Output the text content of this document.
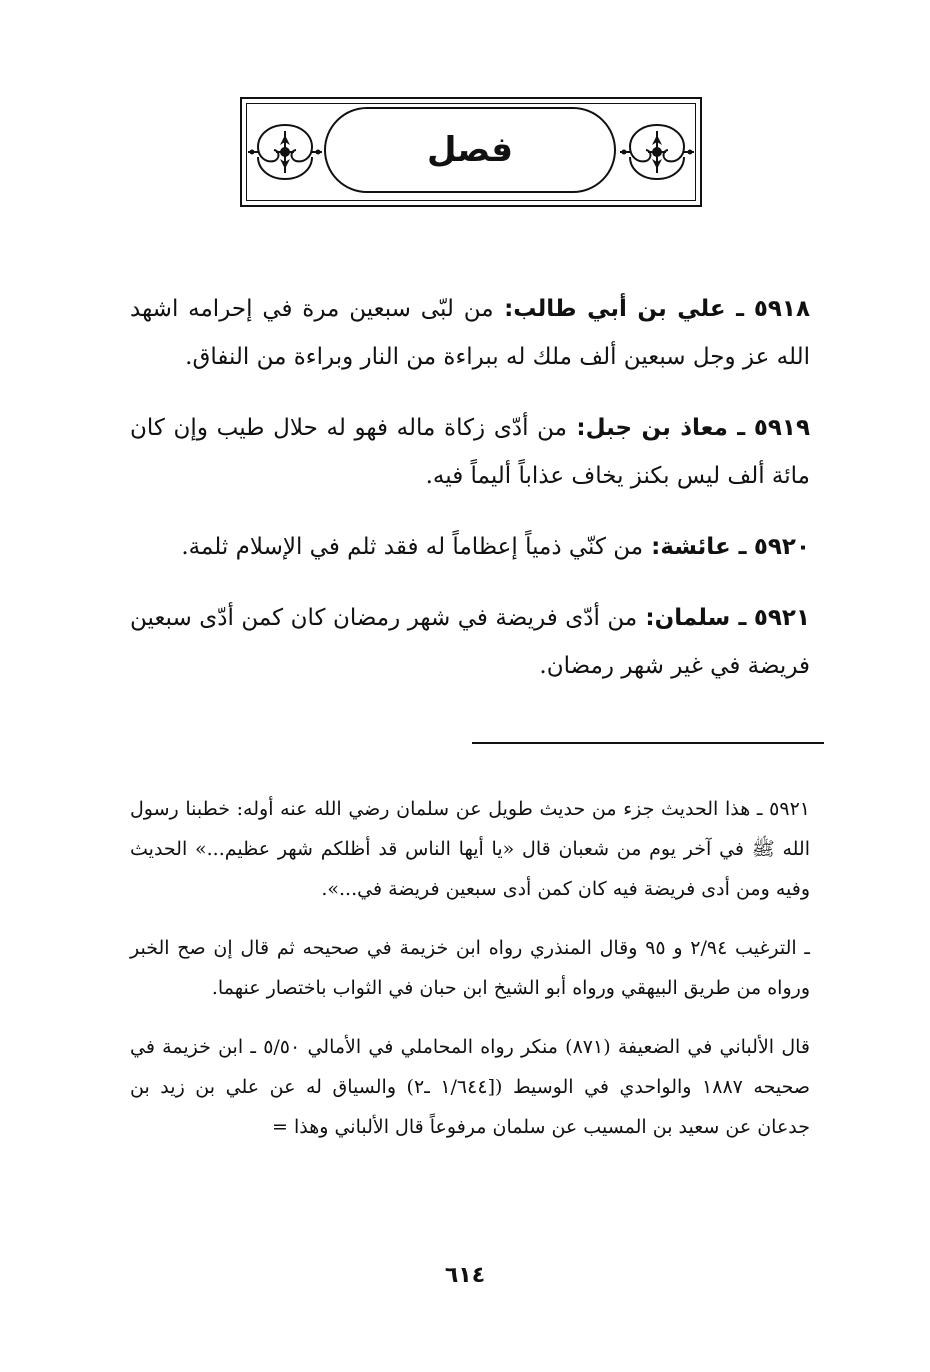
فصل

٥٩١٨ ـ علي بن أبي طالب: من لبّى سبعين مرة في إحرامه اشهد الله عز وجل سبعين ألف ملك له ببراءة من النار وبراءة من النفاق.

٥٩١٩ ـ معاذ بن جبل: من أدّى زكاة ماله فهو له حلال طيب وإن كان مائة ألف ليس بكنز يخاف عذاباً أليماً فيه.

٥٩٢٠ ـ عائشة: من كنّي ذمياً إعظاماً له فقد ثلم في الإسلام ثلمة.

٥٩٢١ ـ سلمان: من أدّى فريضة في شهر رمضان كان كمن أدّى سبعين فريضة في غير شهر رمضان.

٥٩٢١ ـ هذا الحديث جزء من حديث طويل عن سلمان رضي الله عنه أوله: خطبنا رسول الله ﷺ في آخر يوم من شعبان قال «يا أيها الناس قد أظلكم شهر عظيم...» الحديث وفيه ومن أدى فريضة فيه كان كمن أدى سبعين فريضة في...».

ـ الترغيب ٢/٩٤ و ٩٥ وقال المنذري رواه ابن خزيمة في صحيحه ثم قال إن صح الخبر ورواه من طريق البيهقي ورواه أبو الشيخ ابن حبان في الثواب باختصار عنهما.

قال الألباني في الضعيفة (٨٧١) منكر رواه المحاملي في الأمالي ٥/٥٠ ـ ابن خزيمة في صحيحه ١٨٨٧ والواحدي في الوسيط ([١/٦٤٤ ـ٢) والسياق له عن علي بن زيد بن جدعان عن سعيد بن المسيب عن سلمان مرفوعاً قال الألباني وهذا =

٦١٤
